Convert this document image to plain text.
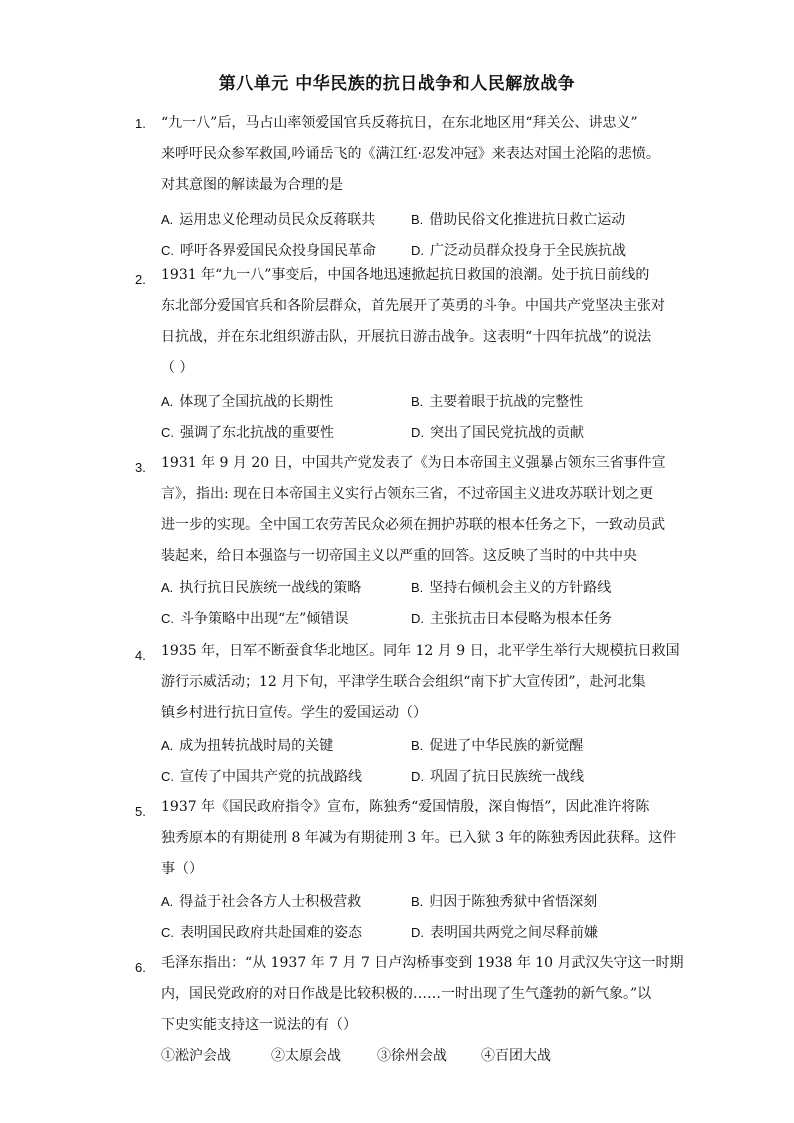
第八单元 中华民族的抗日战争和人民解放战争
1. “九一八”后，马占山率领爱国官兵反蒋抗日，在东北地区用“拜关公、讲忠义”
来呼吁民众参军救国,吟诵岳飞的《满江红·忍发冲冠》来表达对国土沦陷的悲愤。
对其意图的解读最为合理的是
A. 运用忠义伦理动员民众反蒋联共	B. 借助民俗文化推进抗日救亡运动
C. 呼吁各界爱国民众投身国民革命	D. 广泛动员群众投身于全民族抗战
2. 1931 年“九一八”事变后，中国各地迅速掀起抗日救国的浪潮。处于抗日前线的
东北部分爱国官兵和各阶层群众，首先展开了英勇的斗争。中国共产党坚决主张对
日抗战，并在东北组织游击队，开展抗日游击战争。这表明“十四年抗战”的说法
（ ）
A. 体现了全国抗战的长期性	B. 主要着眼于抗战的完整性
C. 强调了东北抗战的重要性	D. 突出了国民党抗战的贡献
3. 1931 年 9 月 20 日，中国共产党发表了《为日本帝国主义强暴占领东三省事件宣
言》，指出: 现在日本帝国主义实行占领东三省，不过帝国主义进攻苏联计划之更
进一步的实现。全中国工农劳苦民众必须在拥护苏联的根本任务之下，一致动员武
装起来，给日本强盗与一切帝国主义以严重的回答。这反映了当时的中共中央
A. 执行抗日民族统一战线的策略	B. 坚持右倾机会主义的方针路线
C. 斗争策略中出现“左”倾错误	D. 主张抗击日本侵略为根本任务
4. 1935 年，日军不断蚕食华北地区。同年 12 月 9 日，北平学生举行大规模抗日救国
游行示威活动；12 月下旬，平津学生联合会组织“南下扩大宣传团”，赴河北集
镇乡村进行抗日宣传。学生的爱国运动（）
A. 成为扭转抗战时局的关键	B. 促进了中华民族的新觉醒
C. 宣传了中国共产党的抗战路线	D. 巩固了抗日民族统一战线
5. 1937 年《国民政府指令》宣布，陈独秀“爱国情殷，深自悔悟”，因此准许将陈
独秀原本的有期徒刑 8 年减为有期徒刑 3 年。已入狱 3 年的陈独秀因此获释。这件
事（）
A. 得益于社会各方人士积极营救	B. 归因于陈独秀狱中省悟深刻
C. 表明国民政府共赴国难的姿态	D. 表明国共两党之间尽释前嫌
6. 毛泽东指出：“从 1937 年 7 月 7 日卢沟桥事变到 1938 年 10 月武汉失守这一时期
内，国民党政府的对日作战是比较积极的……一时出现了生气蓬勃的新气象。”以
下史实能支持这一说法的有（）
①淞沪会战	②太原会战	③徐州会战 ④百团大战
